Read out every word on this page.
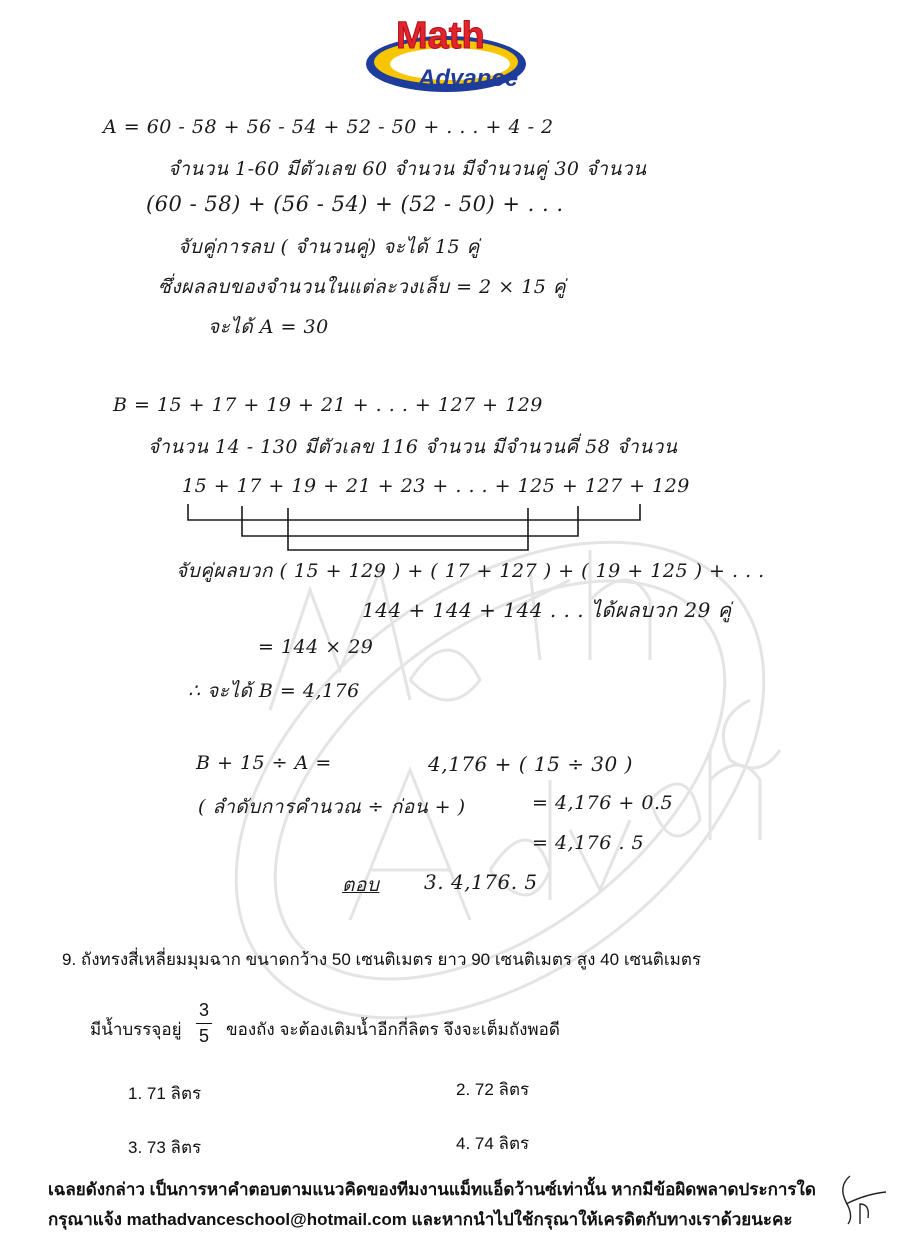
Math
Advance
A = 60 - 58 + 56 - 54 + 52 - 50 + . . . + 4 - 2
จำนวน 1-60 มีตัวเลข 60 จำนวน มีจำนวนคู่ 30 จำนวน
(60 - 58) + (56 - 54) + (52 - 50) + . . .
จับคู่การลบ ( จำนวนคู่) จะได้ 15 คู่
ซึ่งผลลบของจำนวนในแต่ละวงเล็บ = 2 × 15 คู่
จะได้ A = 30
B = 15 + 17 + 19 + 21 + . . . + 127 + 129
จำนวน 14 - 130 มีตัวเลข 116 จำนวน มีจำนวนคี่ 58 จำนวน
15 + 17 + 19 + 21 + 23 + . . . + 125 + 127 + 129
จับคู่ผลบวก ( 15 + 129 ) + ( 17 + 127 ) + ( 19 + 125 ) + . . .
144 + 144 + 144 . . . ได้ผลบวก 29 คู่
= 144 × 29
∴ จะได้ B = 4,176
B + 15 ÷ A =	4,176 + ( 15 ÷ 30 )
( ลำดับการคำนวณ ÷ ก่อน + )	= 4,176 + 0.5
= 4,176 . 5
ตอบ 3. 4,176. 5
9. ถังทรงสี่เหลี่ยมมุมฉาก ขนาดกว้าง 50 เซนติเมตร ยาว 90 เซนติเมตร สูง 40 เซนติเมตร
มีน้ำบรรจุอยู่
3
5 ของถัง จะต้องเติมน้ำอีกกี่ลิตร จึงจะเต็มถังพอดี
1. 71 ลิตร	2. 72 ลิตร
3. 73 ลิตร	4. 74 ลิตร
เฉลยดังกล่าว เป็นการหาคำตอบตามแนวคิดของทีมงานแม็ทแอ็ดว้านซ์เท่านั้น หากมีข้อผิดพลาดประการใด
กรุณาแจ้ง mathadvanceschool@hotmail.com และหากนำไปใช้กรุณาให้เครดิตกับทางเราด้วยนะคะ
